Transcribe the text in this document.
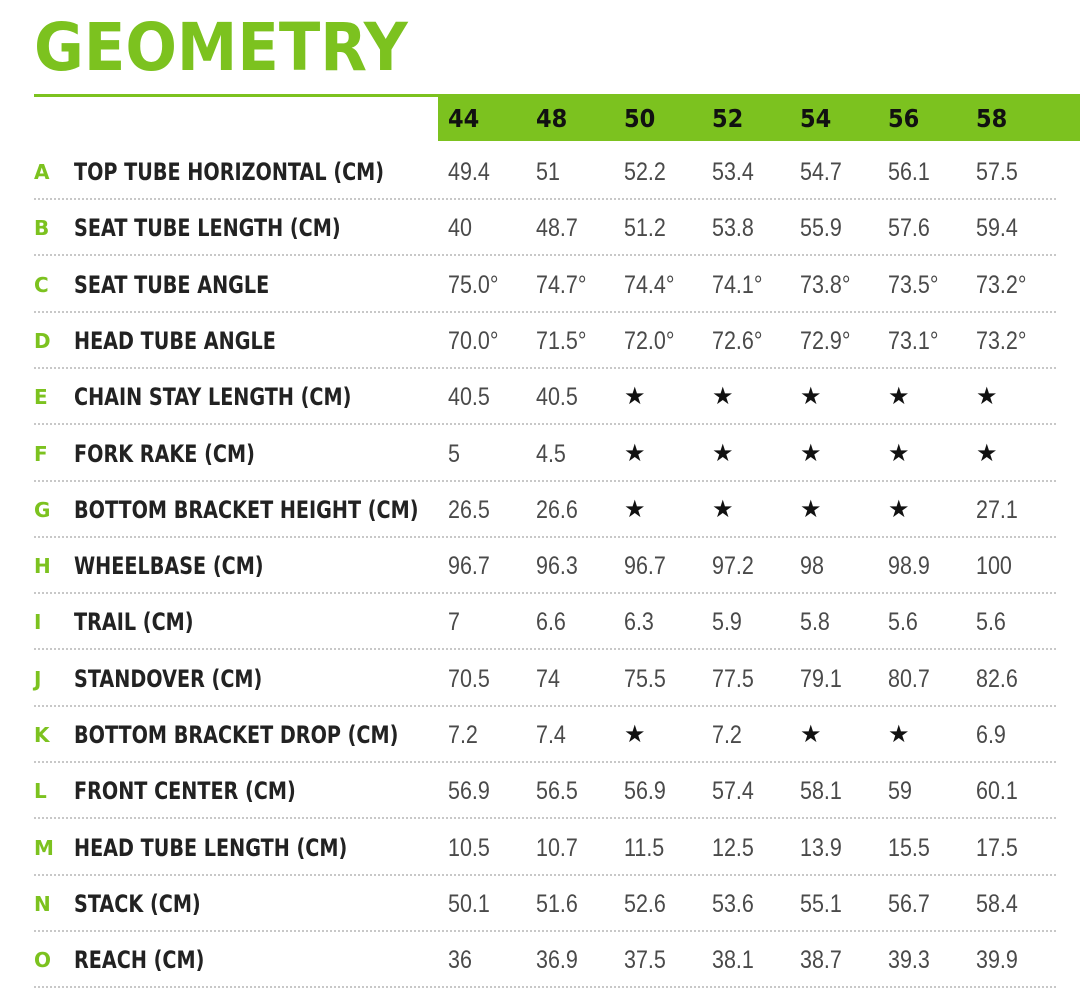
GEOMETRY
44 48 50 52 54 56 58
A TOP TUBE HORIZONTAL (CM)	49.4 51	52.2 53.4 54.7 56.1 57.5
B SEAT TUBE LENGTH (CM)	40	48.7 51.2 53.8 55.9 57.6 59.4
C SEAT TUBE ANGLE	75.0° 74.7° 74.4° 74.1° 73.8° 73.5° 73.2°
D HEAD TUBE ANGLE	70.0° 71.5° 72.0° 72.6° 72.9° 73.1° 73.2°
E CHAIN STAY LENGTH (CM)	40.5 40.5 ★	★	★	★	★
F FORK RAKE (CM)	5	4.5 ★	★	★	★	★
G BOTTOM BRACKET HEIGHT (CM) 26.5 26.6 ★	★	★	★	27.1
H WHEELBASE (CM)	96.7 96.3 96.7 97.2 98	98.9 100
I TRAIL (CM)	7	6.6 6.3 5.9 5.8 5.6 5.6
J STANDOVER (CM)	70.5 74	75.5 77.5 79.1 80.7 82.6
K BOTTOM BRACKET DROP (CM) 7.2 7.4 ★	7.2 ★	★	6.9
L FRONT CENTER (CM)	56.9 56.5 56.9 57.4 58.1 59	60.1
M HEAD TUBE LENGTH (CM)	10.5 10.7 11.5 12.5 13.9 15.5 17.5
N STACK (CM)	50.1 51.6 52.6 53.6 55.1 56.7 58.4
O REACH (CM)	36	36.9 37.5 38.1 38.7 39.3 39.9
